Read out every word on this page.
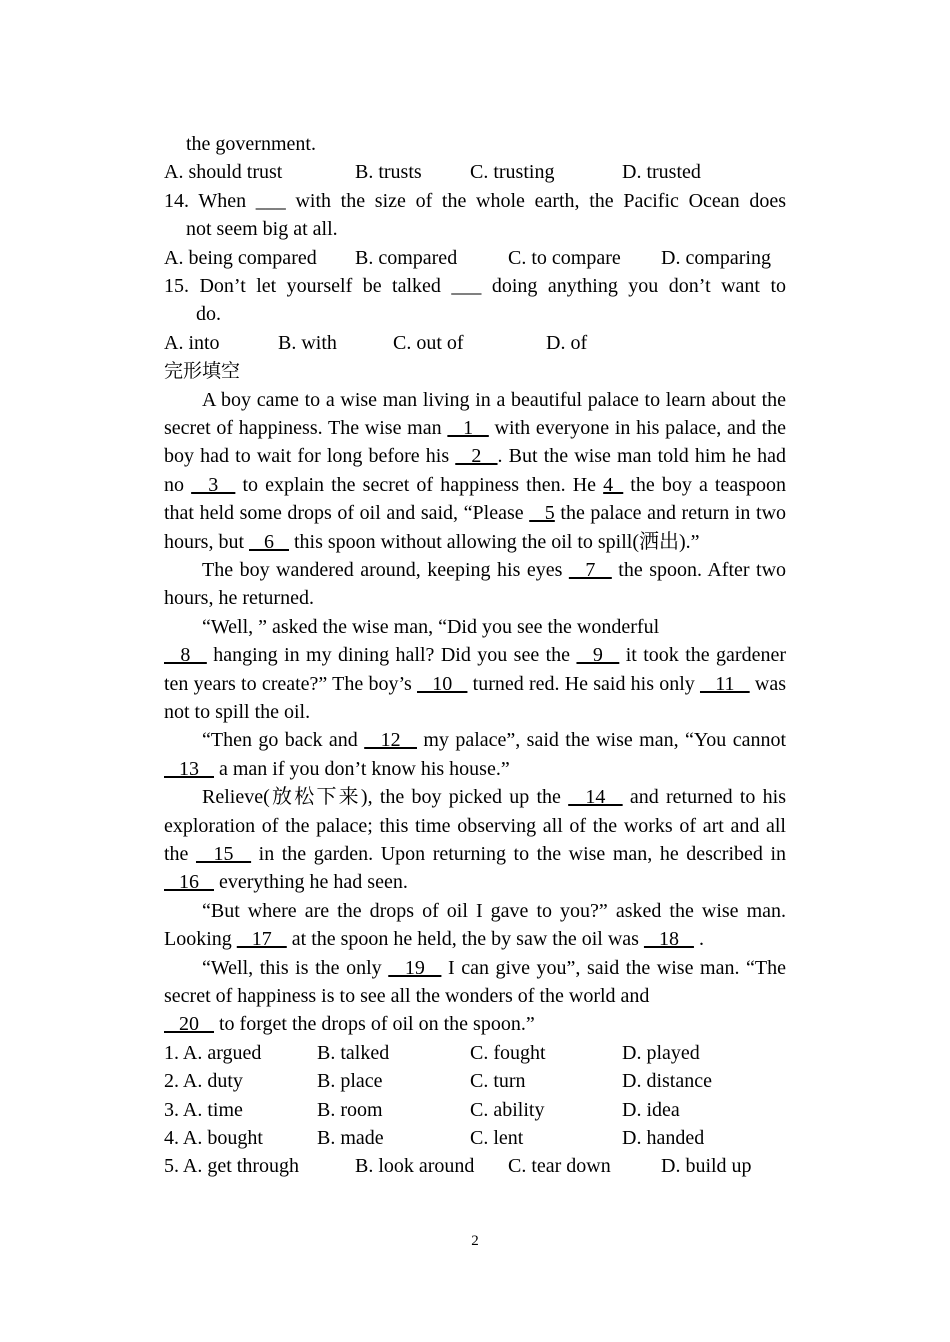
the government.
A. should trust	B. trusts C. trusting	D. trusted
14. When ___ with the size of the whole earth, the Pacific Ocean does
not seem big at all.
A. being compared B. compared	C. to compare D. comparing
15. Don’t let yourself be talked ___ doing anything you don’t want to
do.
A. into	B. with	C. out of	D. of
完形填空

A boy came to a wise man living in a beautiful palace to learn about the secret of happiness. The wise man  _1_  with everyone in his palace, and the boy had to wait for long before his  _2_ . But the wise man told him he had no  _3_  to explain the secret of happiness then. He 4_ the boy a teaspoon that held some drops of oil and said, “Please  _5 the palace and return in two hours, but  _6_  this spoon without allowing the oil to spill(洒出).”

The boy wandered around, keeping his eyes  _7_  the spoon. After two hours, he returned.

“Well, ” asked the wise man, “Did you see the wonderful

_8_  hanging in my dining hall? Did you see the  _9_  it took the gardener ten years to create?” The boy’s  _10_  turned red. He said his only  _11_  was not to spill the oil.

“Then go back and  _12_  my palace”, said the wise man, “You cannot  _13_  a man if you don’t know his house.”

Relieve(放松下来), the boy picked up the  _14_  and returned to his exploration of the palace; this time observing all of the works of art and all the  _15_  in the garden. Upon returning to the wise man, he described in  _16_  everything he had seen.

“But where are the drops of oil I gave to you?” asked the wise man. Looking  _17_  at the spoon he held, the by saw the oil was  _18_  .

“Well, this is the only  _19_  I can give you”, said the wise man. “The secret of happiness is to see all the wonders of the world and

_20_  to forget the drops of oil on the spoon.”

1. A. argued	B. talked	C. fought	D. played
2. A. duty	B. place	C. turn	D. distance
3. A. time	B. room	C. ability	D. idea
4. A. bought	B. made	C. lent	D. handed
5. A. get through	B. look around C. tear down	D. build up
2
